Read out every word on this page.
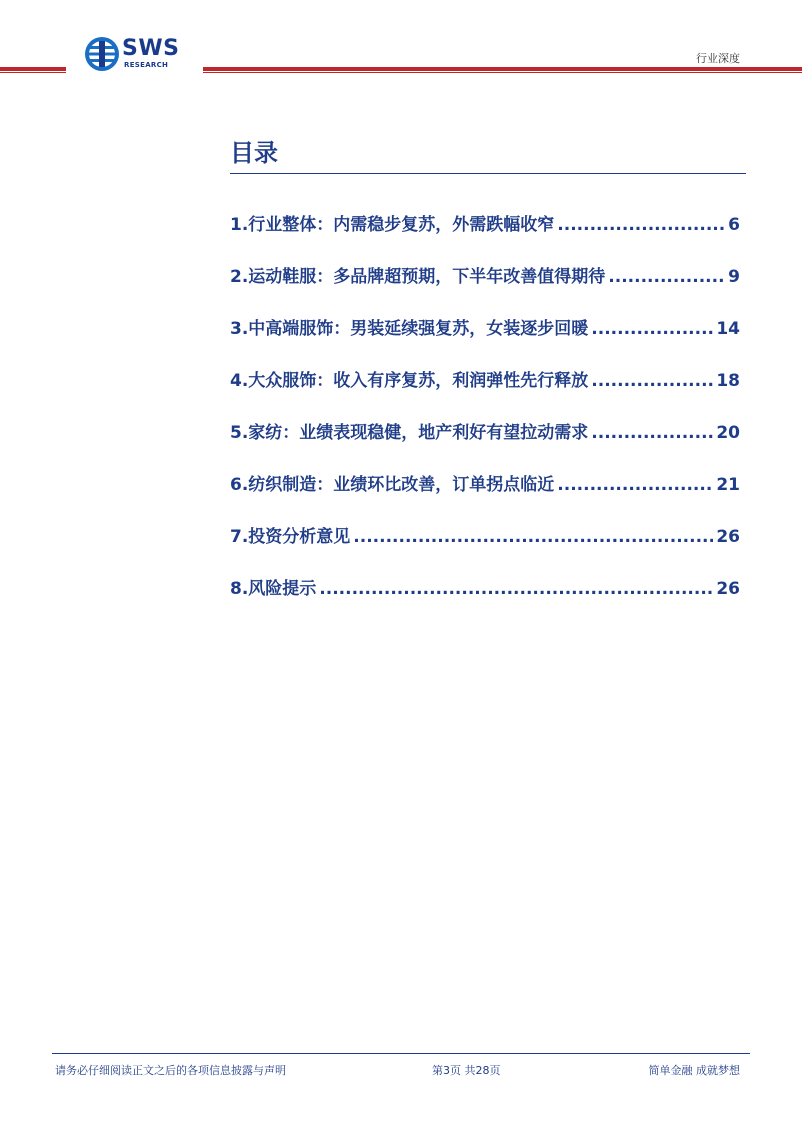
SWS
RESEARCH	行业深度
目录
1. 行业整体：内需稳步复苏，外需跌幅收窄 .....	6
2. 运动鞋服：多品牌超预期，下半年改善值得期待 .....	9
3. 中高端服饰：男装延续强复苏，女装逐步回暖 .....	14
4. 大众服饰：收入有序复苏，利润弹性先行释放 .....	18
5. 家纺：业绩表现稳健，地产利好有望拉动需求 .....	20
6. 纺织制造：业绩环比改善，订单拐点临近 .....	21
7. 投资分析意见 .....	26
8. 风险提示 .....	26
请务必仔细阅读正文之后的各项信息披露与声明	第3页 共28页	简单金融 成就梦想
